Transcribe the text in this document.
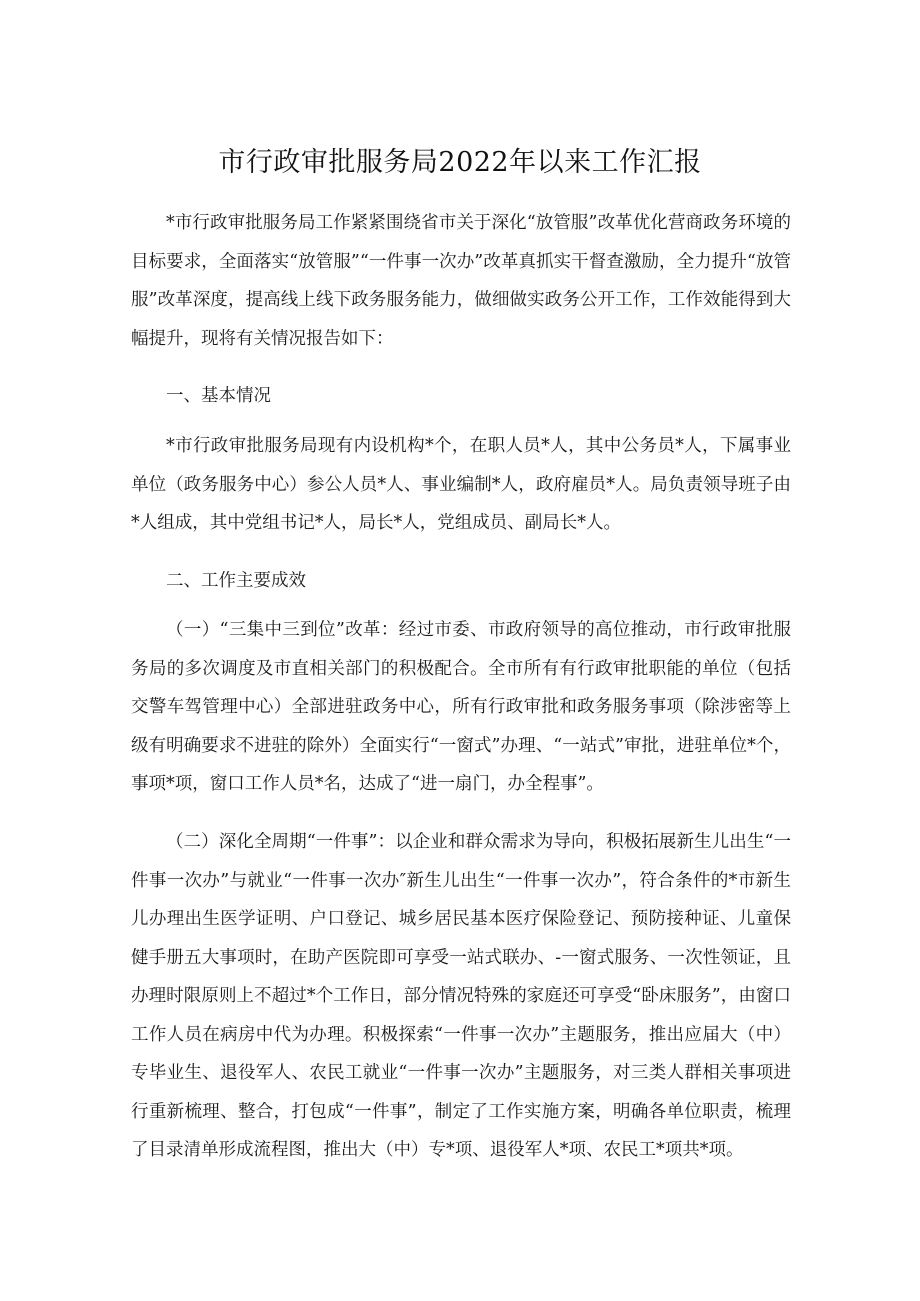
市行政审批服务局2022年以来工作汇报

*市行政审批服务局工作紧紧围绕省市关于深化“放管服”改革优化营商政务环境的目标要求，全面落实“放管服”“一件事一次办”改革真抓实干督查激励，全力提升“放管服”改革深度，提高线上线下政务服务能力，做细做实政务公开工作，工作效能得到大幅提升，现将有关情况报告如下：

一、基本情况

*市行政审批服务局现有内设机构*个，在职人员*人，其中公务员*人，下属事业单位（政务服务中心）参公人员*人、事业编制*人，政府雇员*人。局负责领导班子由*人组成，其中党组书记*人，局长*人，党组成员、副局长*人。

二、工作主要成效

（一）“三集中三到位”改革：经过市委、市政府领导的高位推动，市行政审批服务局的多次调度及市直相关部门的积极配合。全市所有有行政审批职能的单位（包括交警车驾管理中心）全部进驻政务中心，所有行政审批和政务服务事项（除涉密等上级有明确要求不进驻的除外）全面实行“一窗式”办理、“一站式”审批，进驻单位*个，事项*项，窗口工作人员*名，达成了“进一扇门，办全程事”。

（二）深化全周期“一件事”：以企业和群众需求为导向，积极拓展新生儿出生“一件事一次办”与就业“一件事一次办″新生儿出生“一件事一次办”，符合条件的*市新生儿办理出生医学证明、户口登记、城乡居民基本医疗保险登记、预防接种证、儿童保健手册五大事项时，在助产医院即可享受一站式联办、-一窗式服务、一次性领证，且办理时限原则上不超过*个工作日，部分情况特殊的家庭还可享受“卧床服务”，由窗口工作人员在病房中代为办理。积极探索“一件事一次办”主题服务，推出应届大（中）专毕业生、退役军人、农民工就业“一件事一次办”主题服务，对三类人群相关事项进行重新梳理、整合，打包成“一件事”，制定了工作实施方案，明确各单位职责，梳理了目录清单形成流程图，推出大（中）专*项、退役军人*项、农民工*项共*项。
